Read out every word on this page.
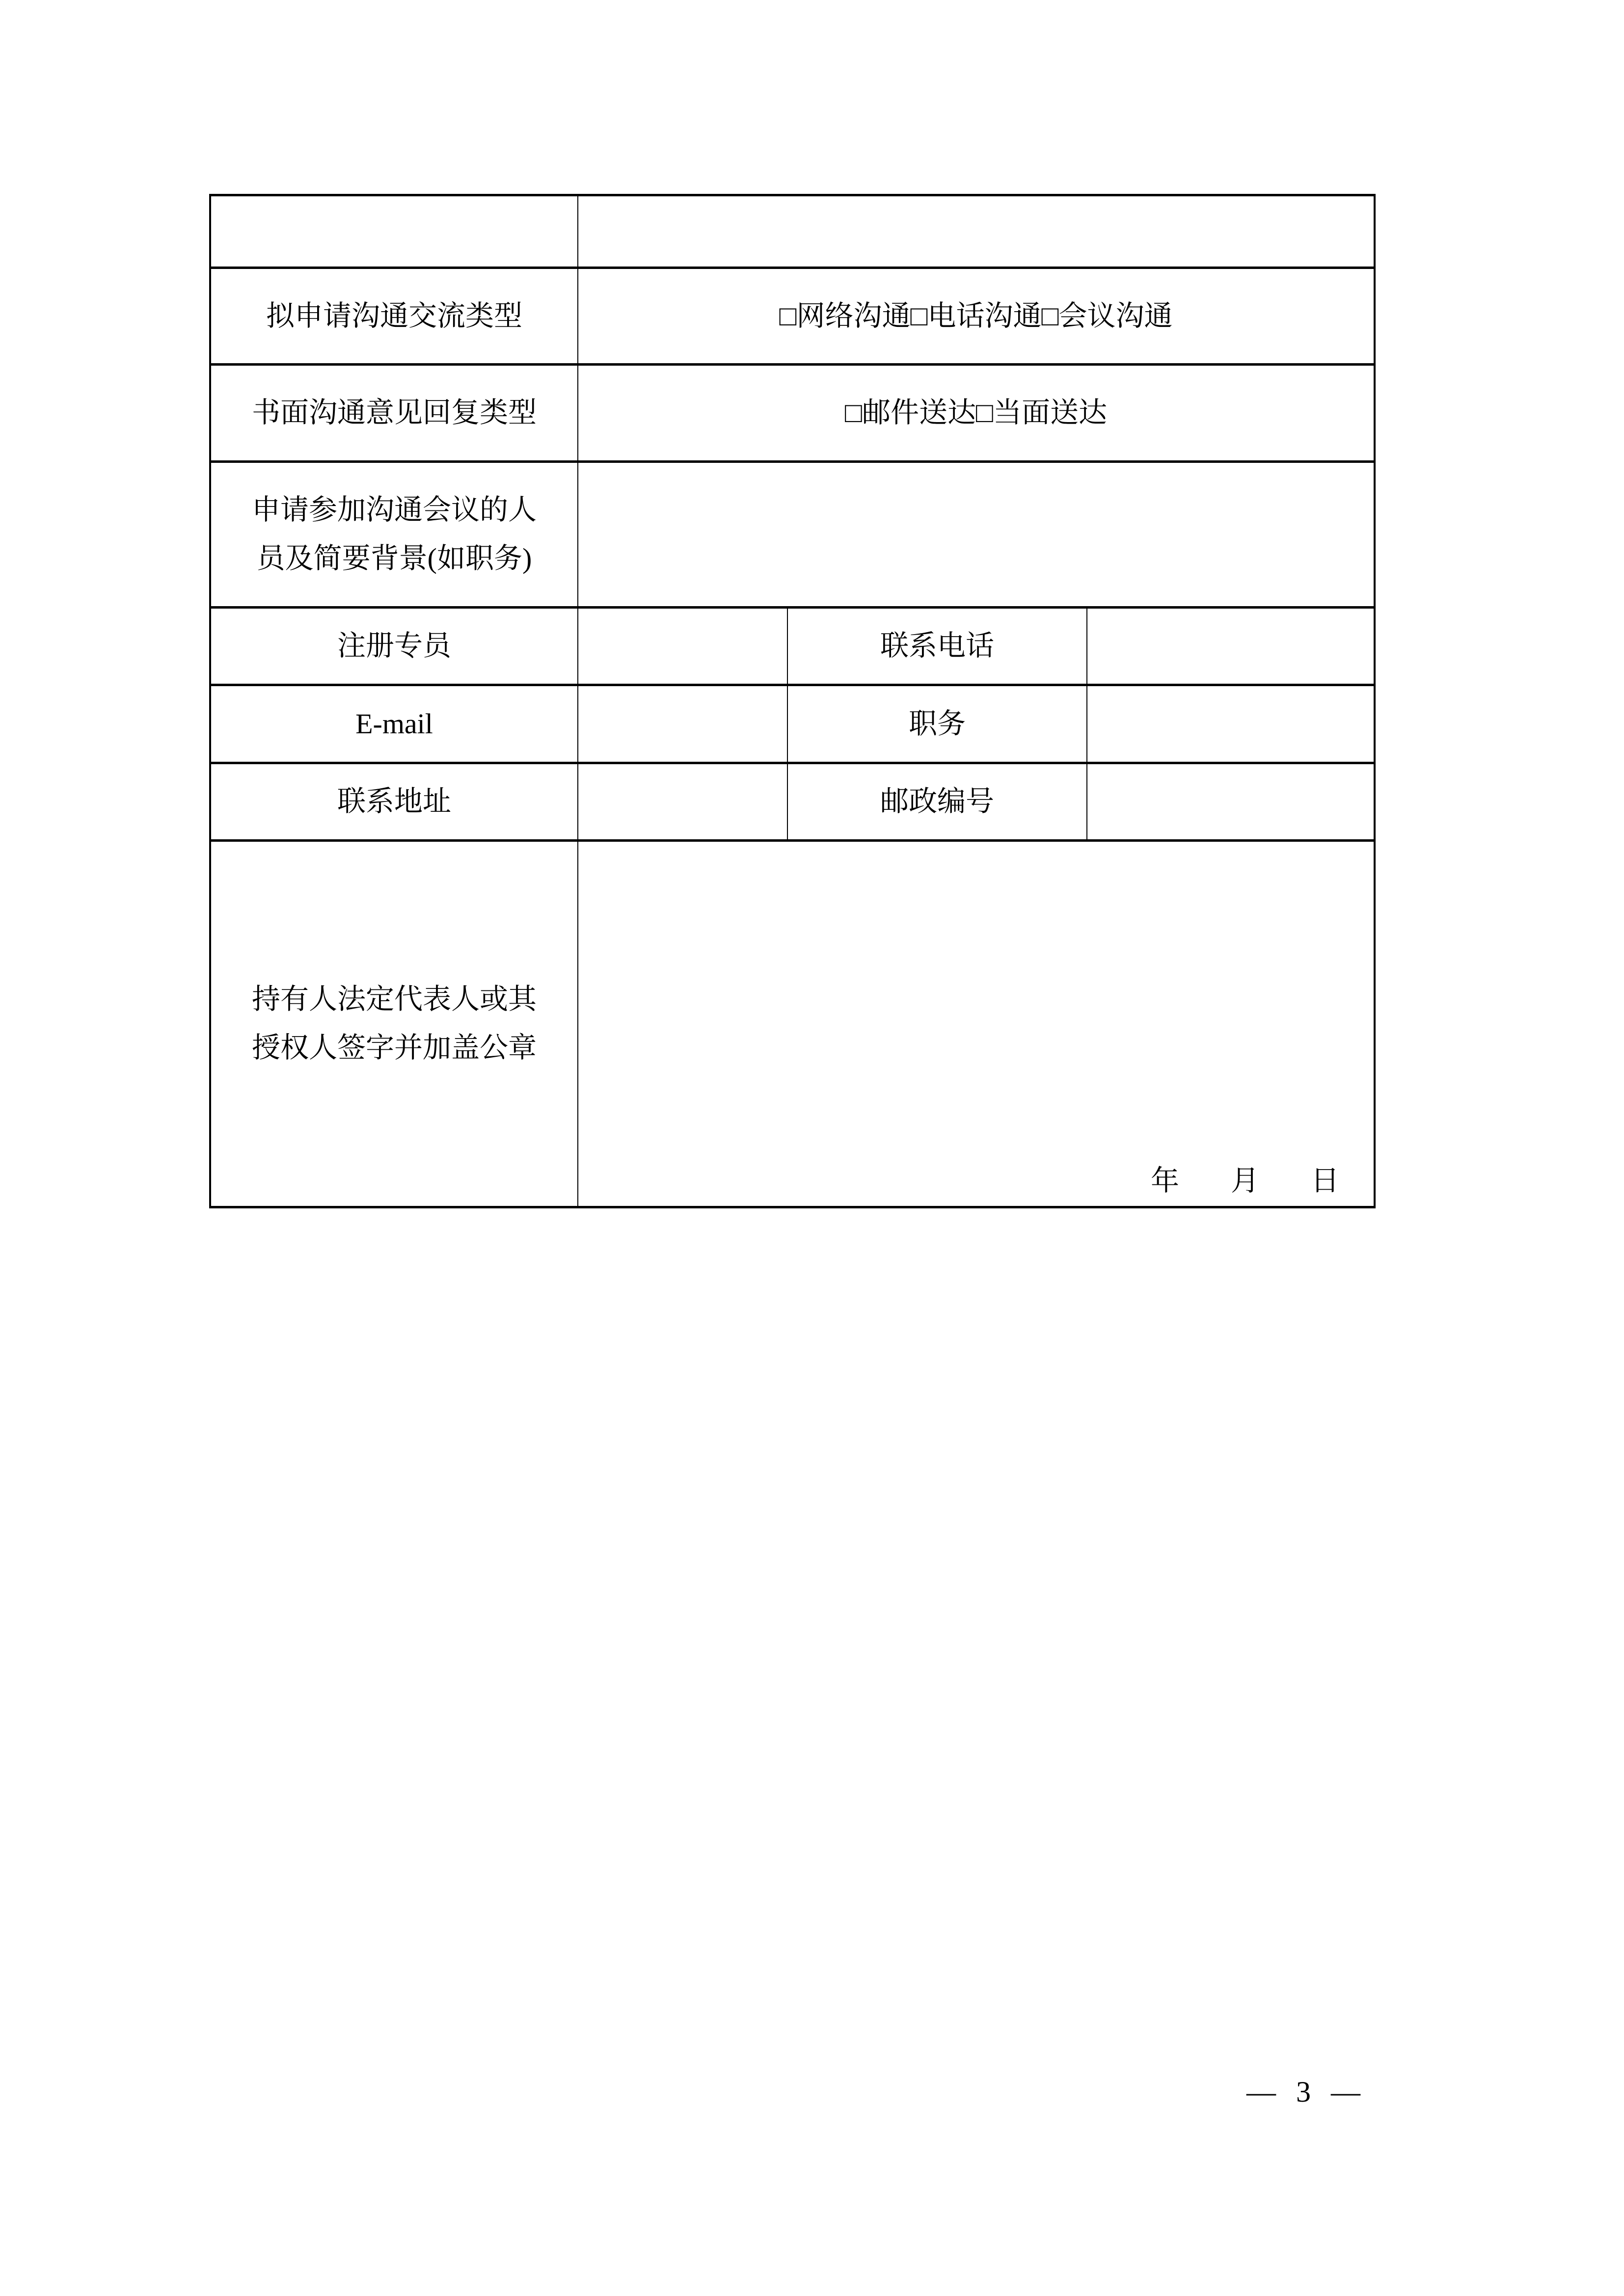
拟申请沟通交流类型	□网络沟通□电话沟通□会议沟通		
书面沟通意见回复类型	□邮件送达□当面送达		
申请参加沟通会议的人员及简要背景(如职务)			
注册专员		联系电话	
E-mail		职务	
联系地址		邮政编号	
持有人法定代表人或其授权人签字并加盖公章	年 月 日		
— 3 —
